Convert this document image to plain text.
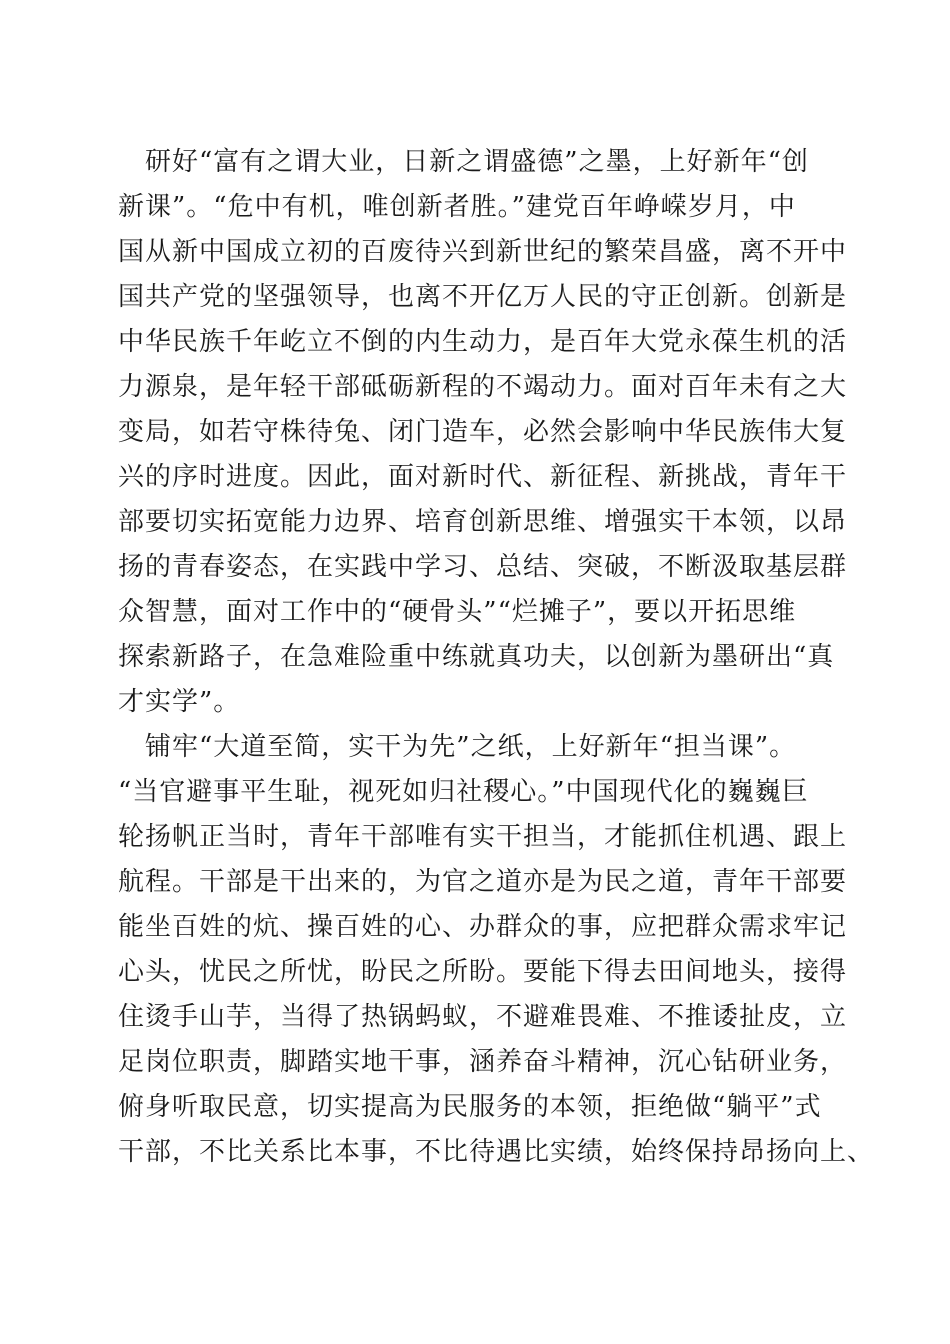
　研好“富有之谓大业，日新之谓盛德”之墨，上好新年“创
新课”。“危中有机，唯创新者胜。”建党百年峥嵘岁月，中
国从新中国成立初的百废待兴到新世纪的繁荣昌盛，离不开中
国共产党的坚强领导，也离不开亿万人民的守正创新。创新是
中华民族千年屹立不倒的内生动力，是百年大党永葆生机的活
力源泉，是年轻干部砥砺新程的不竭动力。面对百年未有之大
变局，如若守株待兔、闭门造车，必然会影响中华民族伟大复
兴的序时进度。因此，面对新时代、新征程、新挑战，青年干
部要切实拓宽能力边界、培育创新思维、增强实干本领，以昂
扬的青春姿态，在实践中学习、总结、突破，不断汲取基层群
众智慧，面对工作中的“硬骨头”“烂摊子”，要以开拓思维
探索新路子，在急难险重中练就真功夫，以创新为墨研出“真
才实学”。
　铺牢“大道至简，实干为先”之纸，上好新年“担当课”。
“当官避事平生耻，视死如归社稷心。”中国现代化的巍巍巨
轮扬帆正当时，青年干部唯有实干担当，才能抓住机遇、跟上
航程。干部是干出来的，为官之道亦是为民之道，青年干部要
能坐百姓的炕、操百姓的心、办群众的事，应把群众需求牢记
心头，忧民之所忧，盼民之所盼。要能下得去田间地头，接得
住烫手山芋，当得了热锅蚂蚁，不避难畏难、不推诿扯皮，立
足岗位职责，脚踏实地干事，涵养奋斗精神，沉心钻研业务，
俯身听取民意，切实提高为民服务的本领，拒绝做“躺平”式
干部，不比关系比本事，不比待遇比实绩，始终保持昂扬向上、
